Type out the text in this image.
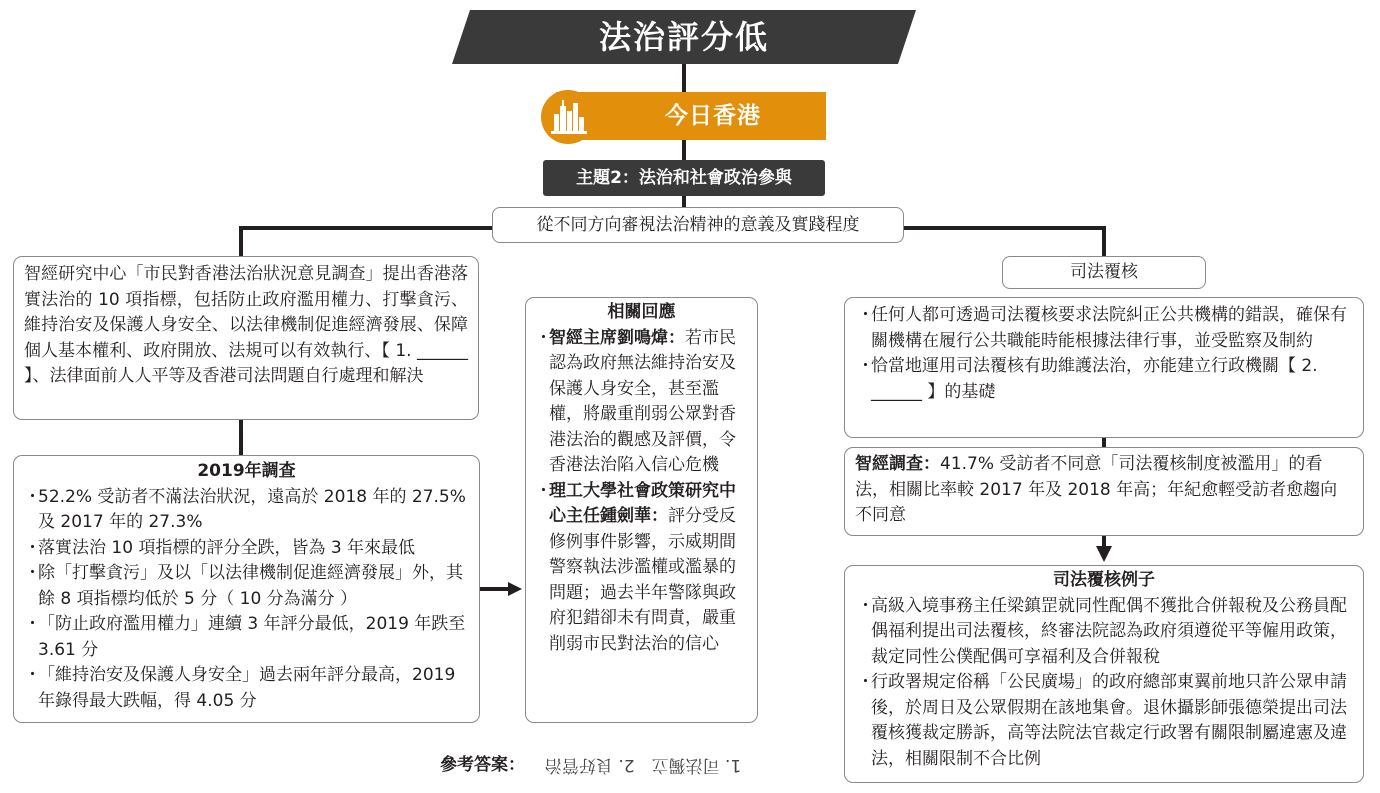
法治評分低
今日香港
主題2：法治和社會政治參與
從不同方向審視法治精神的意義及實踐程度
智經研究中心「市民對香港法治狀況意見調查」提出香港落實法治的 10 項指標，包括防止政府濫用權力、打擊貪污、維持治安及保護人身安全、以法律機制促進經濟發展、保障個人基本權利、政府開放、法規可以有效執行、【 1. ______ 】、法律面前人人平等及香港司法問題自行處理和解決
2019年調查
・
52.2% 受訪者不滿法治狀況，遠高於 2018 年的 27.5%及 2017 年的 27.3%
・
落實法治 10 項指標的評分全跌，皆為 3 年來最低
・
除「打擊貪污」及以「以法律機制促進經濟發展」外，其餘 8 項指標均低於 5 分（ 10 分為滿分 ）
・
「防止政府濫用權力」連續 3 年評分最低，2019 年跌至 3.61 分
・
「維持治安及保護人身安全」過去兩年評分最高，2019 年錄得最大跌幅，得 4.05 分
相關回應
・
智經主席劉鳴煒：若市民認為政府無法維持治安及保護人身安全，甚至濫權，將嚴重削弱公眾對香港法治的觀感及評價，令香港法治陷入信心危機
・
理工大學社會政策研究中心主任鍾劍華：評分受反修例事件影響，示威期間警察執法涉濫權或濫暴的問題；過去半年警隊與政府犯錯卻未有問責，嚴重削弱市民對法治的信心
司法覆核
・
任何人都可透過司法覆核要求法院糾正公共機構的錯誤，確保有關機構在履行公共職能時能根據法律行事，並受監察及制約
・
恰當地運用司法覆核有助維護法治，亦能建立行政機關【 2. ______ 】的基礎
智經調查：41.7% 受訪者不同意「司法覆核制度被濫用」的看法，相關比率較 2017 年及 2018 年高；年紀愈輕受訪者愈趨向不同意
司法覆核例子
・
高級入境事務主任梁鎮罡就同性配偶不獲批合併報稅及公務員配偶福利提出司法覆核，終審法院認為政府須遵從平等僱用政策，裁定同性公僕配偶可享福利及合併報稅
・
行政署規定俗稱「公民廣場」的政府總部東翼前地只許公眾申請後，於周日及公眾假期在該地集會。退休攝影師張德榮提出司法覆核獲裁定勝訴，高等法院法官裁定行政署有關限制屬違憲及違法，相關限制不合比例
參考答案： 1. 司法獨立　2. 良好管治
